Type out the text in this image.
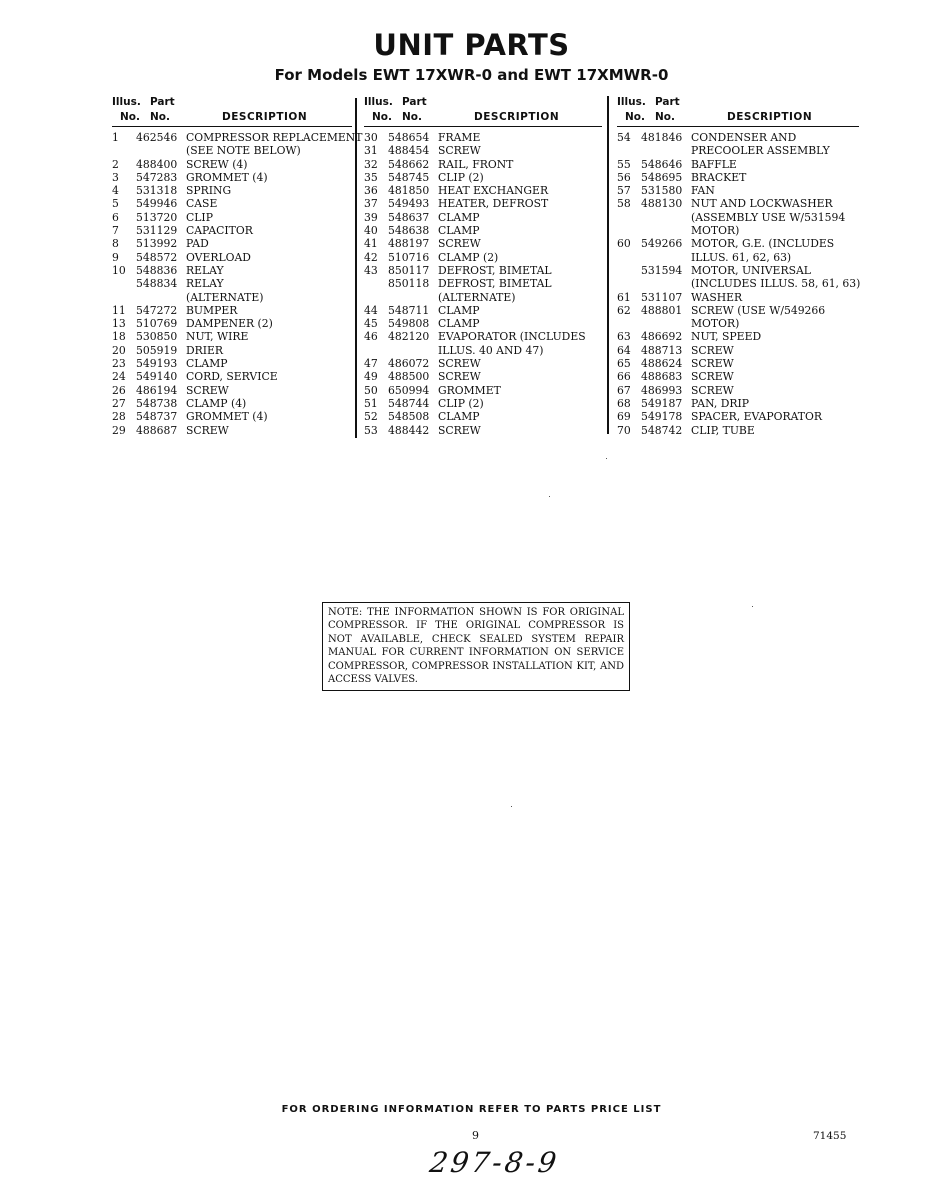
UNIT PARTS
For Models EWT 17XWR-0 and EWT 17XMWR-0
Illus. Part
No. No.	DESCRIPTION
1	462546 COMPRESSOR REPLACEMENT
(SEE NOTE BELOW)
2	488400 SCREW (4)
3	547283 GROMMET (4)
4	531318 SPRING
5	549946 CASE
6	513720 CLIP
7	531129 CAPACITOR
8	513992 PAD
9	548572 OVERLOAD
10 548836 RELAY
548834 RELAY
(ALTERNATE)
11 547272 BUMPER
13 510769 DAMPENER (2)
18 530850 NUT, WIRE
20 505919 DRIER
23 549193 CLAMP
24 549140 CORD, SERVICE
26 486194 SCREW
27 548738 CLAMP (4)
28 548737 GROMMET (4)
29 488687 SCREW
Illus. Part
No. No.	DESCRIPTION
30 548654 FRAME
31 488454 SCREW
32 548662 RAIL, FRONT
35 548745 CLIP (2)
36 481850 HEAT EXCHANGER
37 549493 HEATER, DEFROST
39 548637 CLAMP
40 548638 CLAMP
41 488197 SCREW
42 510716 CLAMP (2)
43 850117 DEFROST, BIMETAL
850118 DEFROST, BIMETAL
(ALTERNATE)
44 548711 CLAMP
45 549808 CLAMP
46 482120 EVAPORATOR (INCLUDES
ILLUS. 40 AND 47)
47 486072 SCREW
49 488500 SCREW
50 650994 GROMMET
51 548744 CLIP (2)
52 548508 CLAMP
53 488442 SCREW
Illus. Part
No. No.	DESCRIPTION
54 481846 CONDENSER AND
PRECOOLER ASSEMBLY
55 548646 BAFFLE
56 548695 BRACKET
57 531580 FAN
58 488130 NUT AND LOCKWASHER
(ASSEMBLY USE W/531594
MOTOR)
60 549266 MOTOR, G.E. (INCLUDES
ILLUS. 61, 62, 63)
531594 MOTOR, UNIVERSAL
(INCLUDES ILLUS. 58, 61, 63)
61 531107 WASHER
62 488801 SCREW (USE W/549266
MOTOR)
63 486692 NUT, SPEED
64 488713 SCREW
65 488624 SCREW
66 488683 SCREW
67 486993 SCREW
68 549187 PAN, DRIP
69 549178 SPACER, EVAPORATOR
70 548742 CLIP, TUBE
NOTE: THE INFORMATION SHOWN IS FOR ORIGINAL COMPRESSOR. IF THE ORIGINAL COMPRESSOR IS NOT AVAILABLE, CHECK SEALED SYSTEM REPAIR MANUAL FOR CURRENT INFORMATION ON SERVICE COMPRESSOR, COMPRESSOR INSTALLATION KIT, AND ACCESS VALVES.
FOR ORDERING INFORMATION REFER TO PARTS PRICE LIST
9	71455
297-8-9
